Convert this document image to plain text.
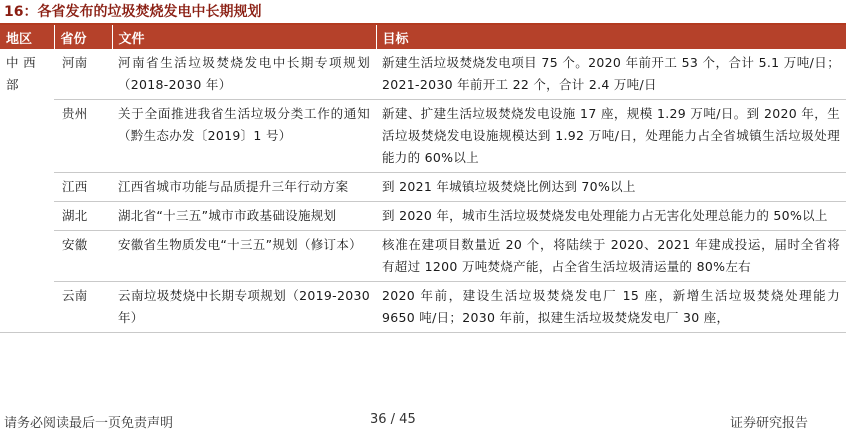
16：各省发布的垃圾焚烧发电中长期规划
地区	省份	文件	目标
中 西 部	河南	河南省生活垃圾焚烧发电中长期专项规划（2018-2030 年）	新建生活垃圾焚烧发电项目 75 个。2020 年前开工 53 个，合计 5.1 万吨/日；2021-2030 年前开工 22 个，合计 2.4 万吨/日
	贵州	关于全面推进我省生活垃圾分类工作的通知（黔生态办发〔2019〕1 号）	新建、扩建生活垃圾焚烧发电设施 17 座，规模 1.29 万吨/日。到 2020 年，生活垃圾焚烧发电设施规模达到 1.92 万吨/日，处理能力占全省城镇生活垃圾处理能力的 60%以上
	江西	江西省城市功能与品质提升三年行动方案	到 2021 年城镇垃圾焚烧比例达到 70%以上
	湖北	湖北省“十三五”城市市政基础设施规划	到 2020 年，城市生活垃圾焚烧发电处理能力占无害化处理总能力的 50%以上
	安徽	安徽省生物质发电“十三五”规划（修订本）	核准在建项目数量近 20 个，将陆续于 2020、2021 年建成投运，届时全省将有超过 1200 万吨焚烧产能，占全省生活垃圾清运量的 80%左右
	云南	云南垃圾焚烧中长期专项规划（2019-2030 年）	2020 年前，建设生活垃圾焚烧发电厂 15 座，新增生活垃圾焚烧处理能力 9650 吨/日；2030 年前，拟建生活垃圾焚烧发电厂 30 座，
请务必阅读最后一页免责声明	36 / 45	证券研究报告
